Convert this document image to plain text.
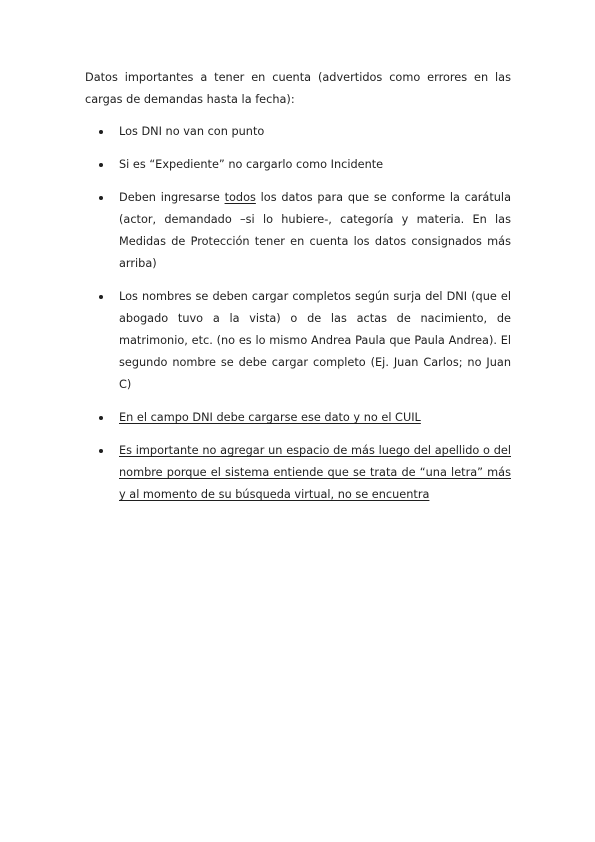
Datos importantes a tener en cuenta (advertidos como errores en las cargas de demandas hasta la fecha):

Los DNI no van con punto
Si es “Expediente” no cargarlo como Incidente
Deben ingresarse todos los datos para que se conforme la carátula (actor, demandado –si lo hubiere-, categoría y materia. En las Medidas de Protección tener en cuenta los datos consignados más arriba)
Los nombres se deben cargar completos según surja del DNI (que el abogado tuvo a la vista) o de las actas de nacimiento, de matrimonio, etc. (no es lo mismo Andrea Paula que Paula Andrea). El segundo nombre se debe cargar completo (Ej. Juan Carlos; no Juan C)
En el campo DNI debe cargarse ese dato y no el CUIL
Es importante no agregar un espacio de más luego del apellido o del nombre porque el sistema entiende que se trata de “una letra” más y al momento de su búsqueda virtual, no se encuentra
